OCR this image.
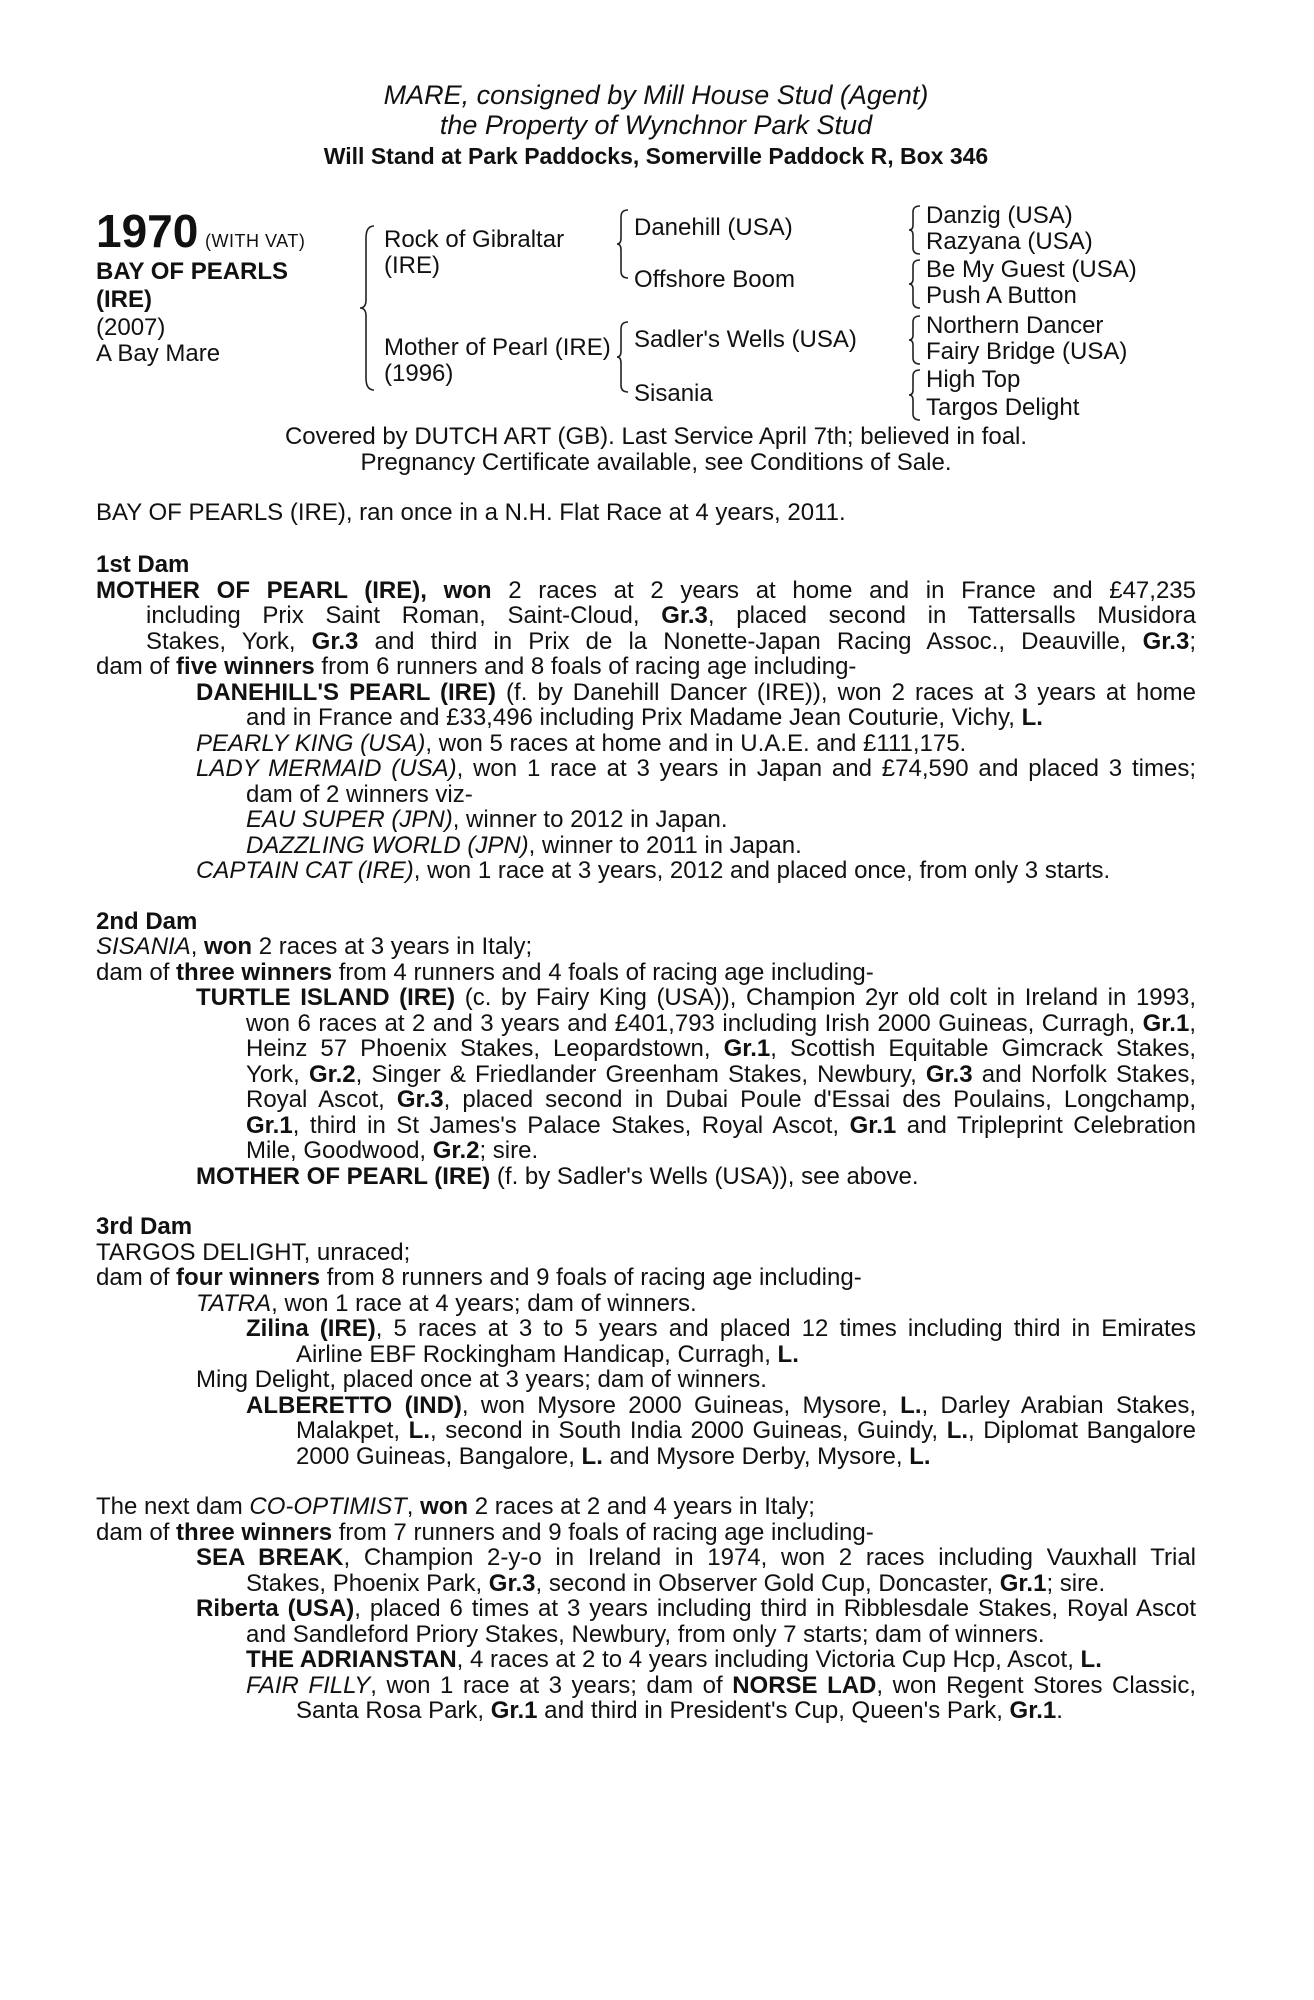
MARE, consigned by Mill House Stud (Agent)
the Property of Wynchnor Park Stud
Will Stand at Park Paddocks, Somerville Paddock R, Box 346
1970 (WITH VAT)
BAY OF PEARLS
(IRE)
(2007)
A Bay Mare
Rock of Gibraltar
(IRE)
Mother of Pearl (IRE)
(1996)
Danehill (USA)
Offshore Boom
Sadler's Wells (USA)
Sisania
Danzig (USA)
Razyana (USA)
Be My Guest (USA)
Push A Button
Northern Dancer
Fairy Bridge (USA)
High Top
Targos Delight
Covered by DUTCH ART (GB). Last Service April 7th; believed in foal.
Pregnancy Certificate available, see Conditions of Sale.
BAY OF PEARLS (IRE), ran once in a N.H. Flat Race at 4 years, 2011.
1st Dam
MOTHER OF PEARL (IRE), won 2 races at 2 years at home and in France and £47,235
including Prix Saint Roman, Saint-Cloud, Gr.3, placed second in Tattersalls Musidora
Stakes, York, Gr.3 and third in Prix de la Nonette-Japan Racing Assoc., Deauville, Gr.3;
dam of five winners from 6 runners and 8 foals of racing age including-
DANEHILL'S PEARL (IRE) (f. by Danehill Dancer (IRE)), won 2 races at 3 years at home
and in France and £33,496 including Prix Madame Jean Couturie, Vichy, L.
PEARLY KING (USA), won 5 races at home and in U.A.E. and £111,175.
LADY MERMAID (USA), won 1 race at 3 years in Japan and £74,590 and placed 3 times;
dam of 2 winners viz-
EAU SUPER (JPN), winner to 2012 in Japan.
DAZZLING WORLD (JPN), winner to 2011 in Japan.
CAPTAIN CAT (IRE), won 1 race at 3 years, 2012 and placed once, from only 3 starts.
2nd Dam
SISANIA, won 2 races at 3 years in Italy;
dam of three winners from 4 runners and 4 foals of racing age including-
TURTLE ISLAND (IRE) (c. by Fairy King (USA)), Champion 2yr old colt in Ireland in 1993,
won 6 races at 2 and 3 years and £401,793 including Irish 2000 Guineas, Curragh, Gr.1,
Heinz 57 Phoenix Stakes, Leopardstown, Gr.1, Scottish Equitable Gimcrack Stakes,
York, Gr.2, Singer & Friedlander Greenham Stakes, Newbury, Gr.3 and Norfolk Stakes,
Royal Ascot, Gr.3, placed second in Dubai Poule d'Essai des Poulains, Longchamp,
Gr.1, third in St James's Palace Stakes, Royal Ascot, Gr.1 and Tripleprint Celebration
Mile, Goodwood, Gr.2; sire.
MOTHER OF PEARL (IRE) (f. by Sadler's Wells (USA)), see above.
3rd Dam
TARGOS DELIGHT, unraced;
dam of four winners from 8 runners and 9 foals of racing age including-
TATRA, won 1 race at 4 years; dam of winners.
Zilina (IRE), 5 races at 3 to 5 years and placed 12 times including third in Emirates
Airline EBF Rockingham Handicap, Curragh, L.
Ming Delight, placed once at 3 years; dam of winners.
ALBERETTO (IND), won Mysore 2000 Guineas, Mysore, L., Darley Arabian Stakes,
Malakpet, L., second in South India 2000 Guineas, Guindy, L., Diplomat Bangalore
2000 Guineas, Bangalore, L. and Mysore Derby, Mysore, L.
The next dam CO-OPTIMIST, won 2 races at 2 and 4 years in Italy;
dam of three winners from 7 runners and 9 foals of racing age including-
SEA BREAK, Champion 2-y-o in Ireland in 1974, won 2 races including Vauxhall Trial
Stakes, Phoenix Park, Gr.3, second in Observer Gold Cup, Doncaster, Gr.1; sire.
Riberta (USA), placed 6 times at 3 years including third in Ribblesdale Stakes, Royal Ascot
and Sandleford Priory Stakes, Newbury, from only 7 starts; dam of winners.
THE ADRIANSTAN, 4 races at 2 to 4 years including Victoria Cup Hcp, Ascot, L.
FAIR FILLY, won 1 race at 3 years; dam of NORSE LAD, won Regent Stores Classic,
Santa Rosa Park, Gr.1 and third in President's Cup, Queen's Park, Gr.1.
